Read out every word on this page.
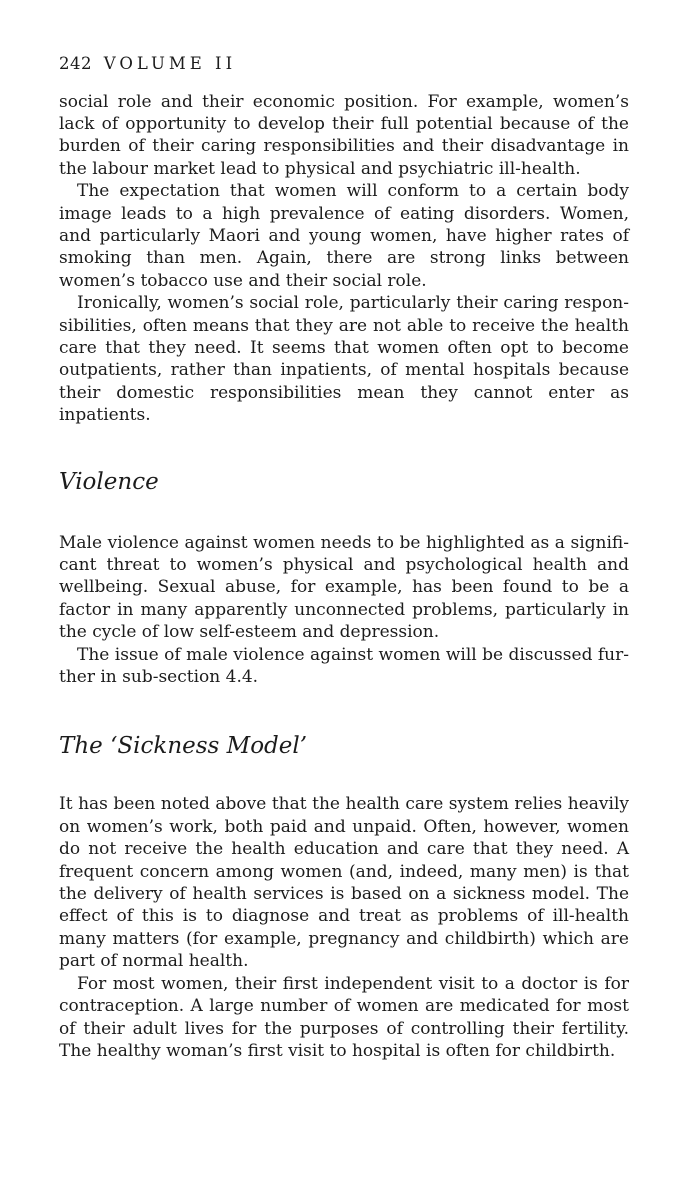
242 VOLUME II

social role and their economic position. For example, women’s lack of opportunity to develop their full potential because of the burden of their caring responsibilities and their disadvantage in the labour market lead to physical and psychiatric ill-health.

The expectation that women will conform to a certain body image leads to a high prevalence of eating disorders. Women, and particularly Maori and young women, have higher rates of smoking than men. Again, there are strong links between women’s tobacco use and their social role.

Ironically, women’s social role, particularly their caring responsibilities, often means that they are not able to receive the health care that they need. It seems that women often opt to become outpatients, rather than inpatients, of mental hospitals because their domestic responsibilities mean they cannot enter as inpatients.

Violence

Male violence against women needs to be highlighted as a significant threat to women’s physical and psychological health and wellbeing. Sexual abuse, for example, has been found to be a factor in many apparently unconnected problems, particularly in the cycle of low self-esteem and depression.

The issue of male violence against women will be discussed further in sub-section 4.4.

The ‘Sickness Model’

It has been noted above that the health care system relies heavily on women’s work, both paid and unpaid. Often, however, women do not receive the health education and care that they need. A frequent concern among women (and, indeed, many men) is that the delivery of health services is based on a sickness model. The effect of this is to diagnose and treat as problems of ill-health many matters (for example, pregnancy and childbirth) which are part of normal health.

For most women, their first independent visit to a doctor is for contraception. A large number of women are medicated for most of their adult lives for the purposes of controlling their fertility. The healthy woman’s first visit to hospital is often for childbirth.
